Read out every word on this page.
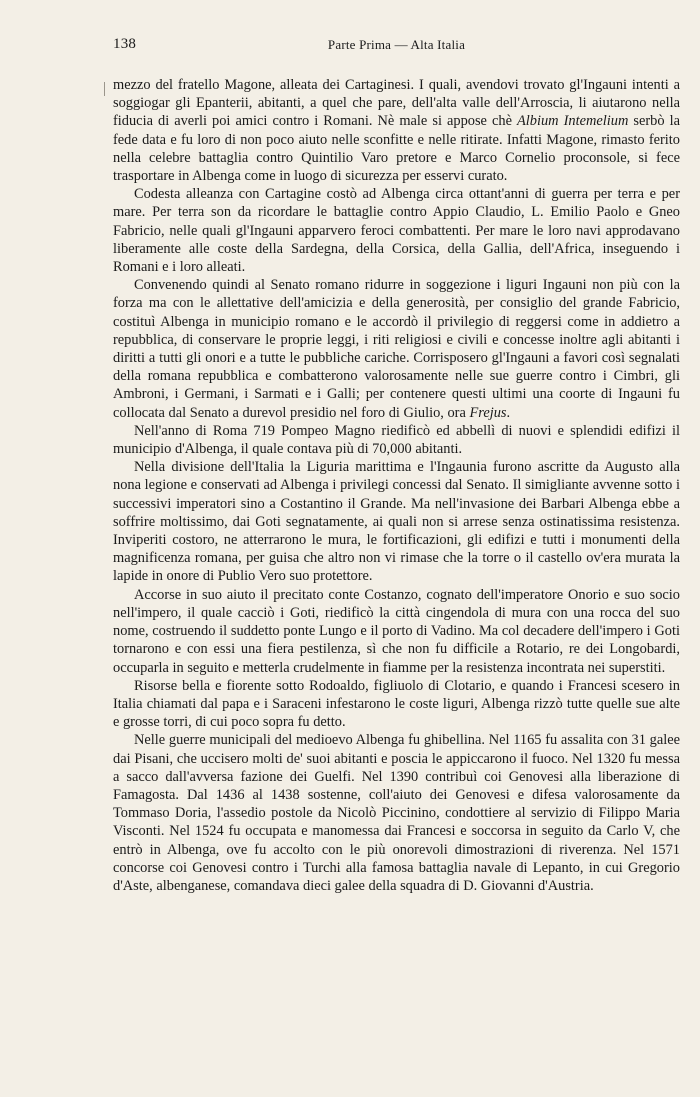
138	Parte Prima — Alta Italia

mezzo del fratello Magone, alleata dei Cartaginesi. I quali, avendovi trovato gl'Ingauni intenti a soggiogar gli Epanterii, abitanti, a quel che pare, dell'alta valle dell'Arroscia, li aiutarono nella fiducia di averli poi amici contro i Romani. Nè male si appose chè Albium Intemelium serbò la fede data e fu loro di non poco aiuto nelle sconfitte e nelle ritirate. Infatti Magone, rimasto ferito nella celebre battaglia contro Quintilio Varo pretore e Marco Cornelio proconsole, si fece trasportare in Albenga come in luogo di sicurezza per esservi curato.

Codesta alleanza con Cartagine costò ad Albenga circa ottant'anni di guerra per terra e per mare. Per terra son da ricordare le battaglie contro Appio Claudio, L. Emilio Paolo e Gneo Fabricio, nelle quali gl'Ingauni apparvero feroci combattenti. Per mare le loro navi approdavano liberamente alle coste della Sardegna, della Corsica, della Gallia, dell'Africa, inseguendo i Romani e i loro alleati.

Convenendo quindi al Senato romano ridurre in soggezione i liguri Ingauni non più con la forza ma con le allettative dell'amicizia e della generosità, per consiglio del grande Fabricio, costituì Albenga in municipio romano e le accordò il privilegio di reggersi come in addietro a repubblica, di conservare le proprie leggi, i riti religiosi e civili e concesse inoltre agli abitanti i diritti a tutti gli onori e a tutte le pubbliche cariche. Corrisposero gl'Ingauni a favori così segnalati della romana repubblica e combatterono valorosamente nelle sue guerre contro i Cimbri, gli Ambroni, i Germani, i Sarmati e i Galli; per contenere questi ultimi una coorte di Ingauni fu collocata dal Senato a durevol presidio nel foro di Giulio, ora Frejus.

Nell'anno di Roma 719 Pompeo Magno riedificò ed abbellì di nuovi e splendidi edifizi il municipio d'Albenga, il quale contava più di 70,000 abitanti.

Nella divisione dell'Italia la Liguria marittima e l'Ingaunia furono ascritte da Augusto alla nona legione e conservati ad Albenga i privilegi concessi dal Senato. Il simigliante avvenne sotto i successivi imperatori sino a Costantino il Grande. Ma nell'invasione dei Barbari Albenga ebbe a soffrire moltissimo, dai Goti segnatamente, ai quali non si arrese senza ostinatissima resistenza. Inviperiti costoro, ne atterrarono le mura, le fortificazioni, gli edifizi e tutti i monumenti della magnificenza romana, per guisa che altro non vi rimase che la torre o il castello ov'era murata la lapide in onore di Publio Vero suo protettore.

Accorse in suo aiuto il precitato conte Costanzo, cognato dell'imperatore Onorio e suo socio nell'impero, il quale cacciò i Goti, riedificò la città cingendola di mura con una rocca del suo nome, costruendo il suddetto ponte Lungo e il porto di Vadino. Ma col decadere dell'impero i Goti tornarono e con essi una fiera pestilenza, sì che non fu difficile a Rotario, re dei Longobardi, occuparla in seguito e metterla crudelmente in fiamme per la resistenza incontrata nei superstiti.

Risorse bella e fiorente sotto Rodoaldo, figliuolo di Clotario, e quando i Francesi scesero in Italia chiamati dal papa e i Saraceni infestarono le coste liguri, Albenga rizzò tutte quelle sue alte e grosse torri, di cui poco sopra fu detto.

Nelle guerre municipali del medioevo Albenga fu ghibellina. Nel 1165 fu assalita con 31 galee dai Pisani, che uccisero molti de' suoi abitanti e poscia le appiccarono il fuoco. Nel 1320 fu messa a sacco dall'avversa fazione dei Guelfi. Nel 1390 contribuì coi Genovesi alla liberazione di Famagosta. Dal 1436 al 1438 sostenne, coll'aiuto dei Genovesi e difesa valorosamente da Tommaso Doria, l'assedio postole da Nicolò Piccinino, condottiere al servizio di Filippo Maria Visconti. Nel 1524 fu occupata e manomessa dai Francesi e soccorsa in seguito da Carlo V, che entrò in Albenga, ove fu accolto con le più onorevoli dimostrazioni di riverenza. Nel 1571 concorse coi Genovesi contro i Turchi alla famosa battaglia navale di Lepanto, in cui Gregorio d'Aste, albenganese, comandava dieci galee della squadra di D. Giovanni d'Austria.
